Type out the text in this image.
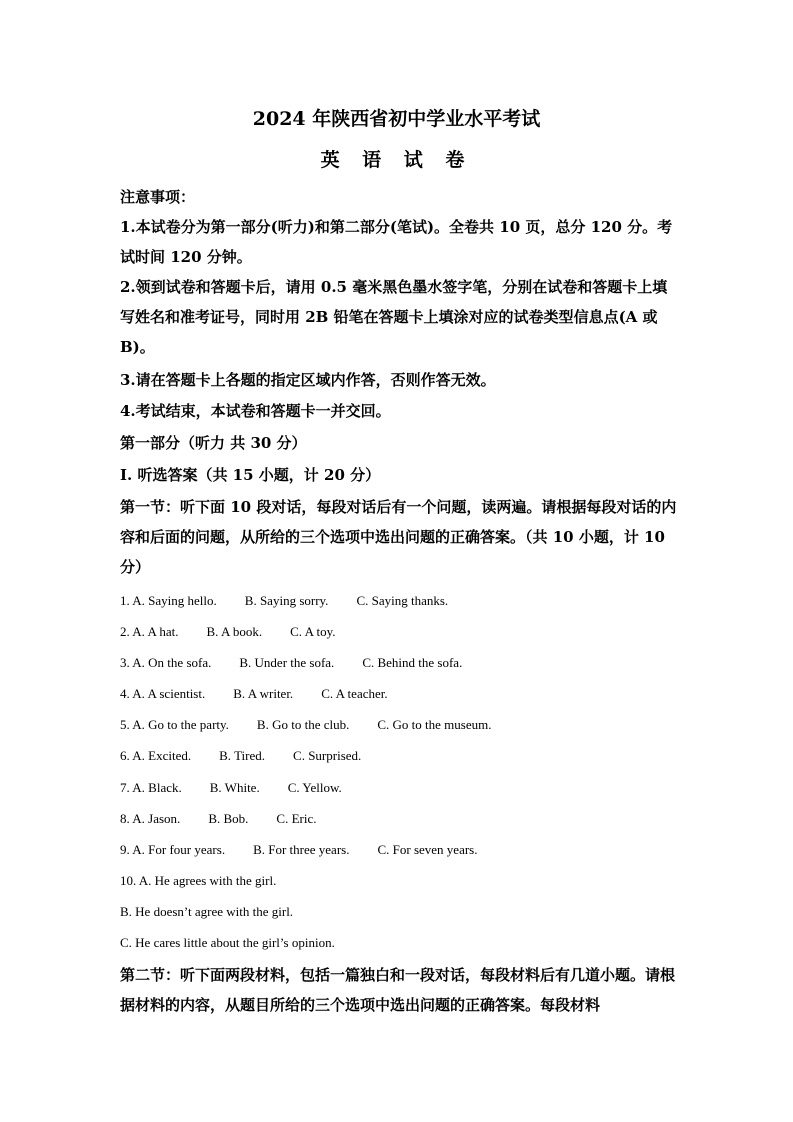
2024 年陕西省初中学业水平考试
英 语 试 卷
注意事项：
1.本试卷分为第一部分(听力)和第二部分(笔试)。全卷共 10 页，总分 120 分。考试时间 120 分钟。
2.领到试卷和答题卡后，请用 0.5 毫米黑色墨水签字笔，分别在试卷和答题卡上填写姓名和准考证号，同时用 2B 铅笔在答题卡上填涂对应的试卷类型信息点(A 或 B)。
3.请在答题卡上各题的指定区域内作答，否则作答无效。
4.考试结束，本试卷和答题卡一并交回。
第一部分（听力 共 30 分）
I. 听选答案（共 15 小题，计 20 分）
第一节：听下面 10 段对话，每段对话后有一个问题，读两遍。请根据每段对话的内容和后面的问题，从所给的三个选项中选出问题的正确答案。（共 10 小题，计 10 分）
1. A. Saying hello. B. Saying sorry. C. Saying thanks.
2. A. A hat. B. A book. C. A toy.
3. A. On the sofa. B. Under the sofa. C. Behind the sofa.
4. A. A scientist. B. A writer. C. A teacher.
5. A. Go to the party. B. Go to the club. C. Go to the museum.
6. A. Excited. B. Tired. C. Surprised.
7. A. Black. B. White. C. Yellow.
8. A. Jason. B. Bob. C. Eric.
9. A. For four years. B. For three years. C. For seven years.
10. A. He agrees with the girl.
B. He doesn’t agree with the girl.
C. He cares little about the girl’s opinion.
第二节：听下面两段材料，包括一篇独白和一段对话，每段材料后有几道小题。请根据材料的内容，从题目所给的三个选项中选出问题的正确答案。每段材料
